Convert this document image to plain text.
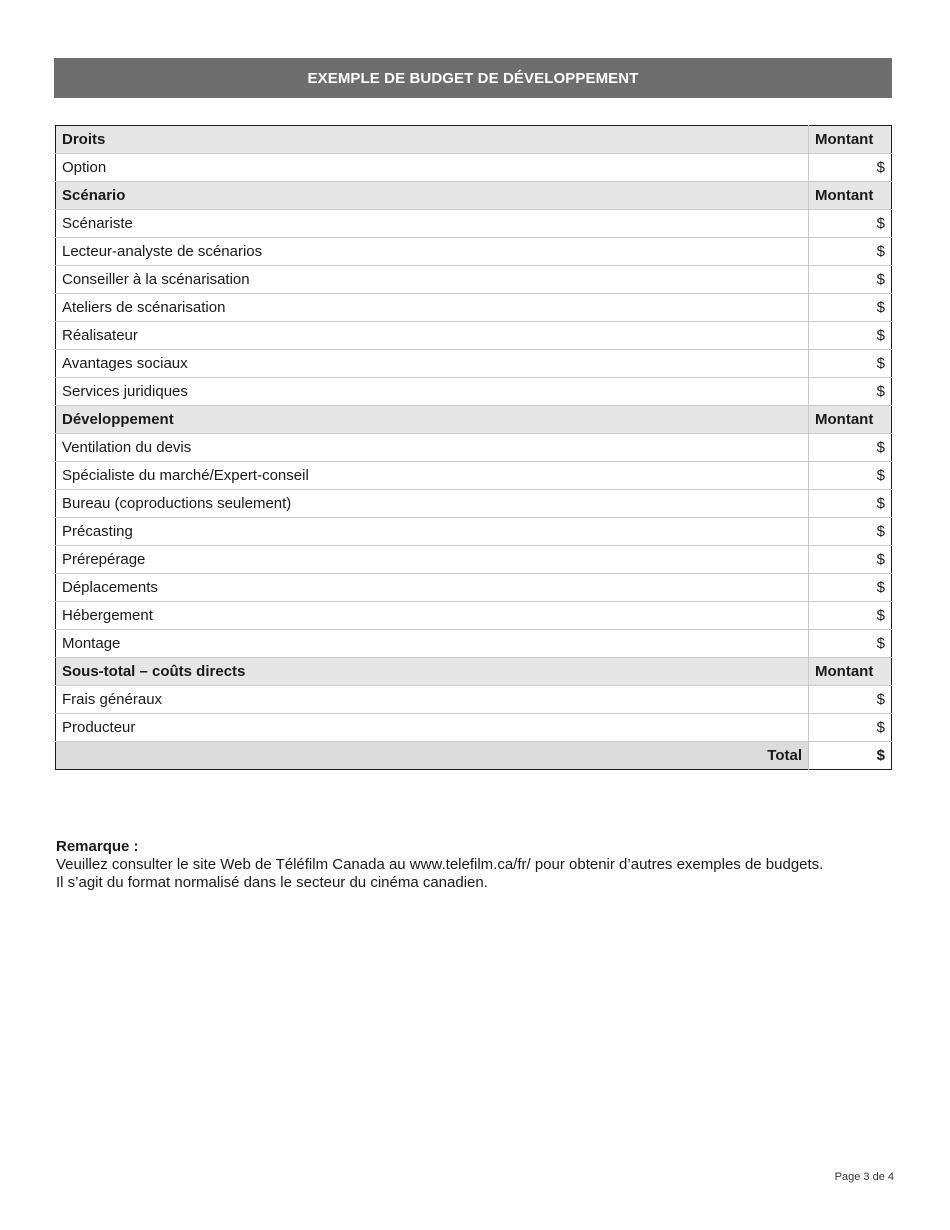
EXEMPLE DE BUDGET DE DÉVELOPPEMENT
Droits	Montant
Option	$
Scénario	Montant
Scénariste	$
Lecteur-analyste de scénarios	$
Conseiller à la scénarisation	$
Ateliers de scénarisation	$
Réalisateur	$
Avantages sociaux	$
Services juridiques	$
Développement	Montant
Ventilation du devis	$
Spécialiste du marché/Expert-conseil	$
Bureau (coproductions seulement)	$
Précasting	$
Prérepérage	$
Déplacements	$
Hébergement	$
Montage	$
Sous-total – coûts directs	Montant
Frais généraux	$
Producteur	$
Total	$
Remarque :
Veuillez consulter le site Web de Téléfilm Canada au www.telefilm.ca/fr/ pour obtenir d’autres exemples de budgets.
Il s’agit du format normalisé dans le secteur du cinéma canadien.
Page 3 de 4
